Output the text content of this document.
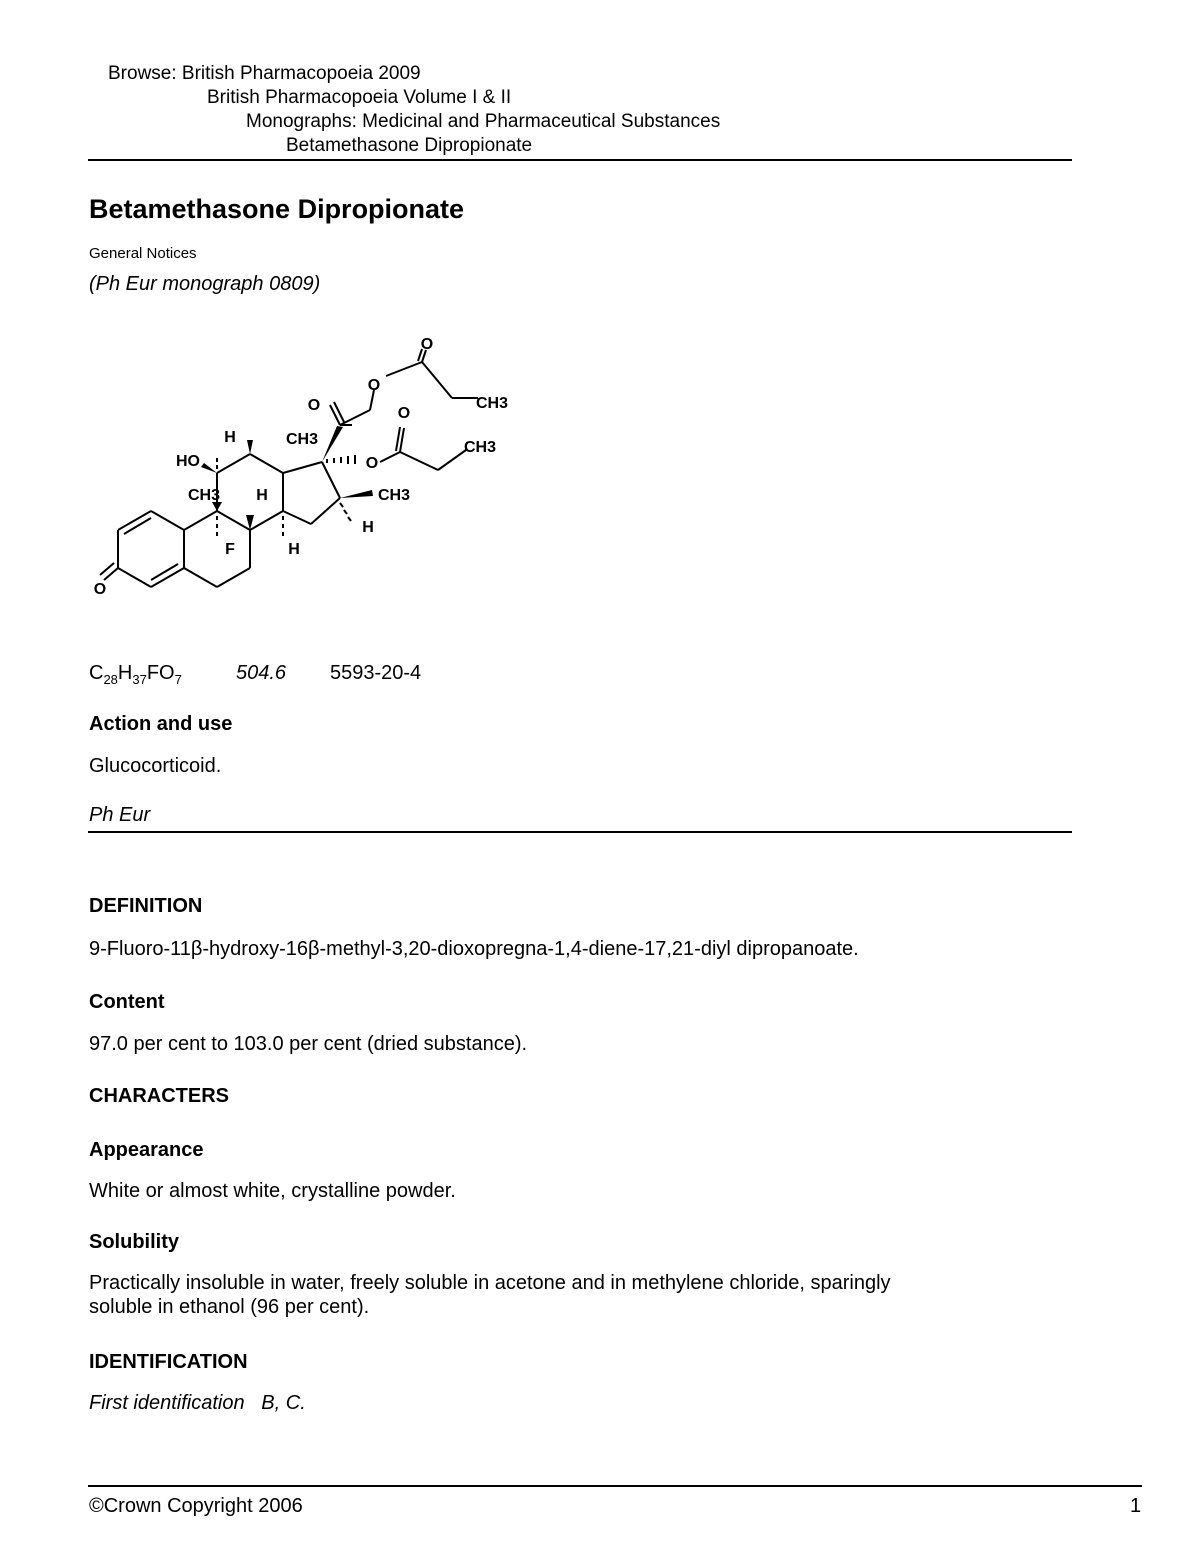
Browse: British Pharmacopoeia 2009
British Pharmacopoeia Volume I & II
Monographs: Medicinal and Pharmaceutical Substances
Betamethasone Dipropionate
Betamethasone Dipropionate
General Notices
(Ph Eur monograph 0809)
O
O
CH3
O	O
H	CH3	CH3
HO	O
CH3 H	CH3
H
F	H
O
$C_{28}H_{37}FO_7$	504.6 5593-20-4
Action and use
Glucocorticoid.
Ph Eur
DEFINITION
9-Fluoro-11β-hydroxy-16β-methyl-3,20-dioxopregna-1,4-diene-17,21-diyl dipropanoate.
Content
97.0 per cent to 103.0 per cent (dried substance).
CHARACTERS
Appearance
White or almost white, crystalline powder.
Solubility
Practically insoluble in water, freely soluble in acetone and in methylene chloride, sparingly
soluble in ethanol (96 per cent).
IDENTIFICATION
First identification B, C.
©Crown Copyright 2006	1
